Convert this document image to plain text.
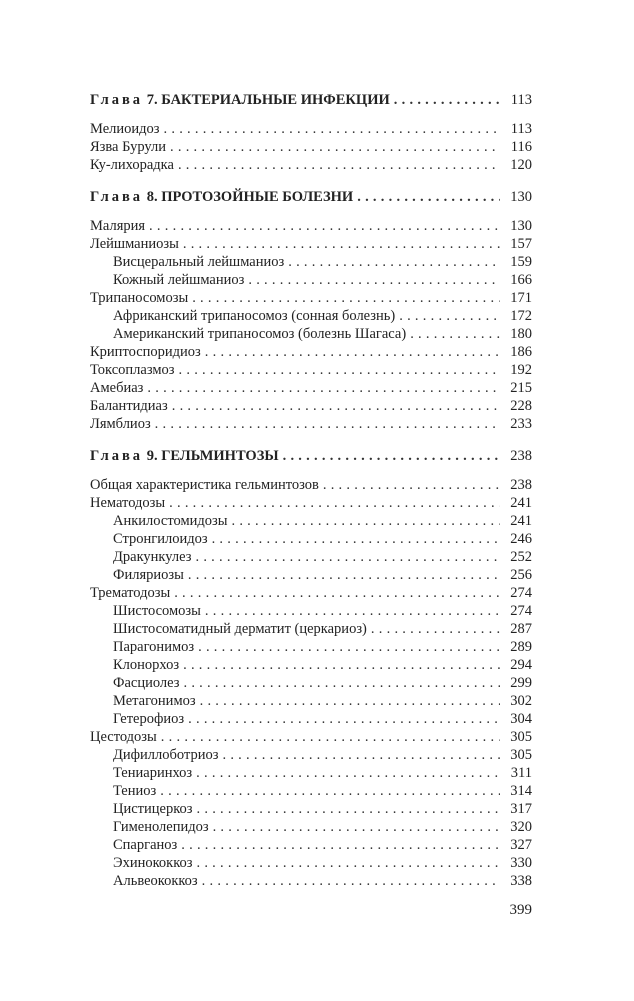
Глава 7. БАКТЕРИАЛЬНЫЕ ИНФЕКЦИИ . . .	113
Мелиоидоз . . .	113
Язва Бурули . . .	116
Ку-лихорадка . . .	120
Глава 8. ПРОТОЗОЙНЫЕ БОЛЕЗНИ . . .	130
Малярия . . .	130
Лейшманиозы . . .	157
Висцеральный лейшманиоз . . .	159
Кожный лейшманиоз . . .	166
Трипаносомозы . . .	171
Африканский трипаносомоз (сонная болезнь) . . .	172
Американский трипаносомоз (болезнь Шагаса) . . .	180
Криптоспоридиоз . . .	186
Токсоплазмоз . . .	192
Амебиаз . . .	215
Балантидиаз . . .	228
Лямблиоз . . .	233
Глава 9. ГЕЛЬМИНТОЗЫ . . .	238
Общая характеристика гельминтозов . . .	238
Нематодозы . . .	241
Анкилостомидозы . . .	241
Стронгилоидоз . . .	246
Дракункулез . . .	252
Филяриозы . . .	256
Трематодозы . . .	274
Шистосомозы . . .	274
Шистосоматидный дерматит (церкариоз) . . .	287
Парагонимоз . . .	289
Клонорхоз . . .	294
Фасциолез . . .	299
Метагонимоз . . .	302
Гетерофиоз . . .	304
Цестодозы . . .	305
Дифиллоботриоз . . .	305
Тениаринхоз . . .	311
Тениоз . . .	314
Цистицеркоз . . .	317
Гименолепидоз . . .	320
Спарганоз . . .	327
Эхинококкоз . . .	330
Альвеококкоз . . .	338
399
